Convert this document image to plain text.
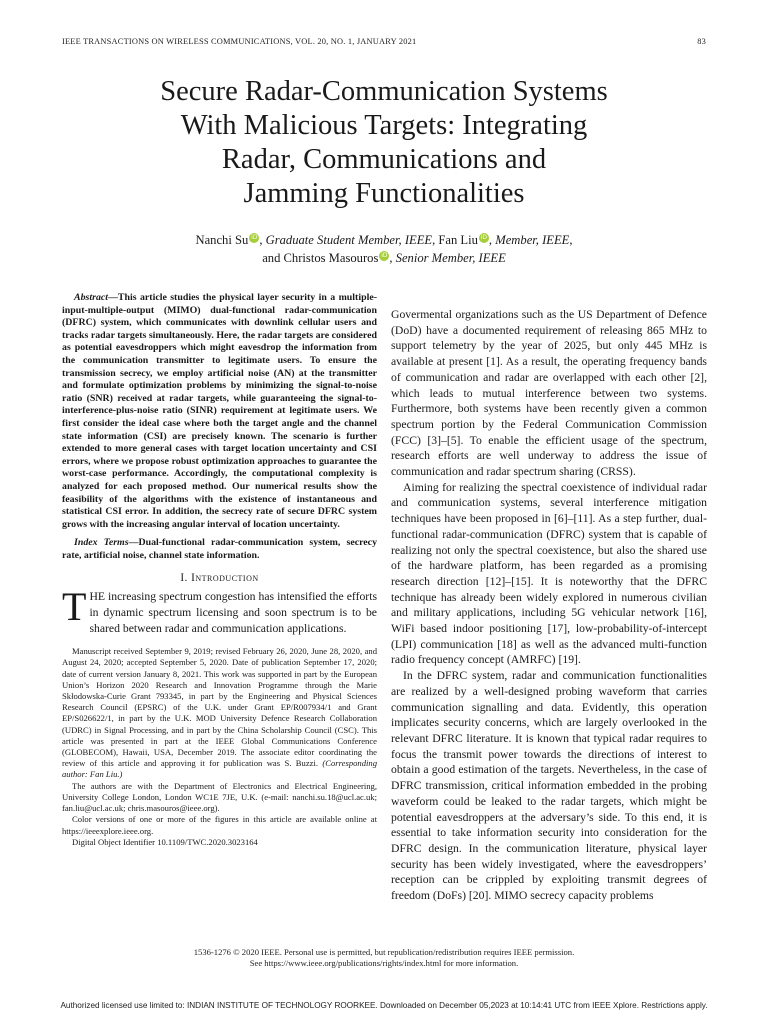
IEEE TRANSACTIONS ON WIRELESS COMMUNICATIONS, VOL. 20, NO. 1, JANUARY 2021	83
Secure Radar-Communication Systems
With Malicious Targets: Integrating
Radar, Communications and
Jamming Functionalities
Nanchi Su iD , Graduate Student Member, IEEE, Fan Liu iD , Member, IEEE,
and Christos Masouros iD , Senior Member, IEEE

Abstract—This article studies the physical layer security in a multiple-input-multiple-output (MIMO) dual-functional radar-communication (DFRC) system, which communicates with downlink cellular users and tracks radar targets simultaneously. Here, the radar targets are considered as potential eavesdroppers which might eavesdrop the information from the communication transmitter to legitimate users. To ensure the transmission secrecy, we employ artificial noise (AN) at the transmitter and formulate optimization problems by minimizing the signal-to-noise ratio (SNR) received at radar targets, while guaranteeing the signal-to-interference-plus-noise ratio (SINR) requirement at legitimate users. We first consider the ideal case where both the target angle and the channel state information (CSI) are precisely known. The scenario is further extended to more general cases with target location uncertainty and CSI errors, where we propose robust optimization approaches to guarantee the worst-case performance. Accordingly, the computational complexity is analyzed for each proposed method. Our numerical results show the feasibility of the algorithms with the existence of instantaneous and statistical CSI error. In addition, the secrecy rate of secure DFRC system grows with the increasing angular interval of location uncertainty.

Index Terms—Dual-functional radar-communication system, secrecy rate, artificial noise, channel state information.

I. Introduction

THE increasing spectrum congestion has intensified the efforts in dynamic spectrum licensing and soon spectrum is to be shared between radar and communication applications.

Manuscript received September 9, 2019; revised February 26, 2020, June 28, 2020, and August 24, 2020; accepted September 5, 2020. Date of publication September 17, 2020; date of current version January 8, 2021. This work was supported in part by the European Union’s Horizon 2020 Research and Innovation Programme through the Marie Skłodowska-Curie Grant 793345, in part by the Engineering and Physical Sciences Research Council (EPSRC) of the U.K. under Grant EP/R007934/1 and Grant EP/S026622/1, in part by the U.K. MOD University Defence Research Collaboration (UDRC) in Signal Processing, and in part by the China Scholarship Council (CSC). This article was presented in part at the IEEE Global Communications Conference (GLOBECOM), Hawaii, USA, December 2019. The associate editor coordinating the review of this article and approving it for publication was S. Buzzi. (Corresponding author: Fan Liu.)

The authors are with the Department of Electronics and Electrical Engineering, University College London, London WC1E 7JE, U.K. (e-mail: nanchi.su.18@ucl.ac.uk; fan.liu@ucl.ac.uk; chris.masouros@ieee.org).

Color versions of one or more of the figures in this article are available online at https://ieeexplore.ieee.org.

Digital Object Identifier 10.1109/TWC.2020.3023164

Govermental organizations such as the US Department of Defence (DoD) have a documented requirement of releasing 865 MHz to support telemetry by the year of 2025, but only 445 MHz is available at present [1]. As a result, the operating frequency bands of communication and radar are overlapped with each other [2], which leads to mutual interference between two systems. Furthermore, both systems have been recently given a common spectrum portion by the Federal Communication Commission (FCC) [3]–[5]. To enable the efficient usage of the spectrum, research efforts are well underway to address the issue of communication and radar spectrum sharing (CRSS).

Aiming for realizing the spectral coexistence of individual radar and communication systems, several interference mitigation techniques have been proposed in [6]–[11]. As a step further, dual-functional radar-communication (DFRC) system that is capable of realizing not only the spectral coexistence, but also the shared use of the hardware platform, has been regarded as a promising research direction [12]–[15]. It is noteworthy that the DFRC technique has already been widely explored in numerous civilian and military applications, including 5G vehicular network [16], WiFi based indoor positioning [17], low-probability-of-intercept (LPI) communication [18] as well as the advanced multi-function radio frequency concept (AMRFC) [19].

In the DFRC system, radar and communication functionalities are realized by a well-designed probing waveform that carries communication signalling and data. Evidently, this operation implicates security concerns, which are largely overlooked in the relevant DFRC literature. It is known that typical radar requires to focus the transmit power towards the directions of interest to obtain a good estimation of the targets. Nevertheless, in the case of DFRC transmission, critical information embedded in the probing waveform could be leaked to the radar targets, which might be potential eavesdroppers at the adversary’s side. To this end, it is essential to take information security into consideration for the DFRC design. In the communication literature, physical layer security has been widely investigated, where the eavesdroppers’ reception can be crippled by exploiting transmit degrees of freedom (DoFs) [20]. MIMO secrecy capacity problems

1536-1276 © 2020 IEEE. Personal use is permitted, but republication/redistribution requires IEEE permission.
See https://www.ieee.org/publications/rights/index.html for more information.
Authorized licensed use limited to: INDIAN INSTITUTE OF TECHNOLOGY ROORKEE. Downloaded on December 05,2023 at 10:14:41 UTC from IEEE Xplore. Restrictions apply.
